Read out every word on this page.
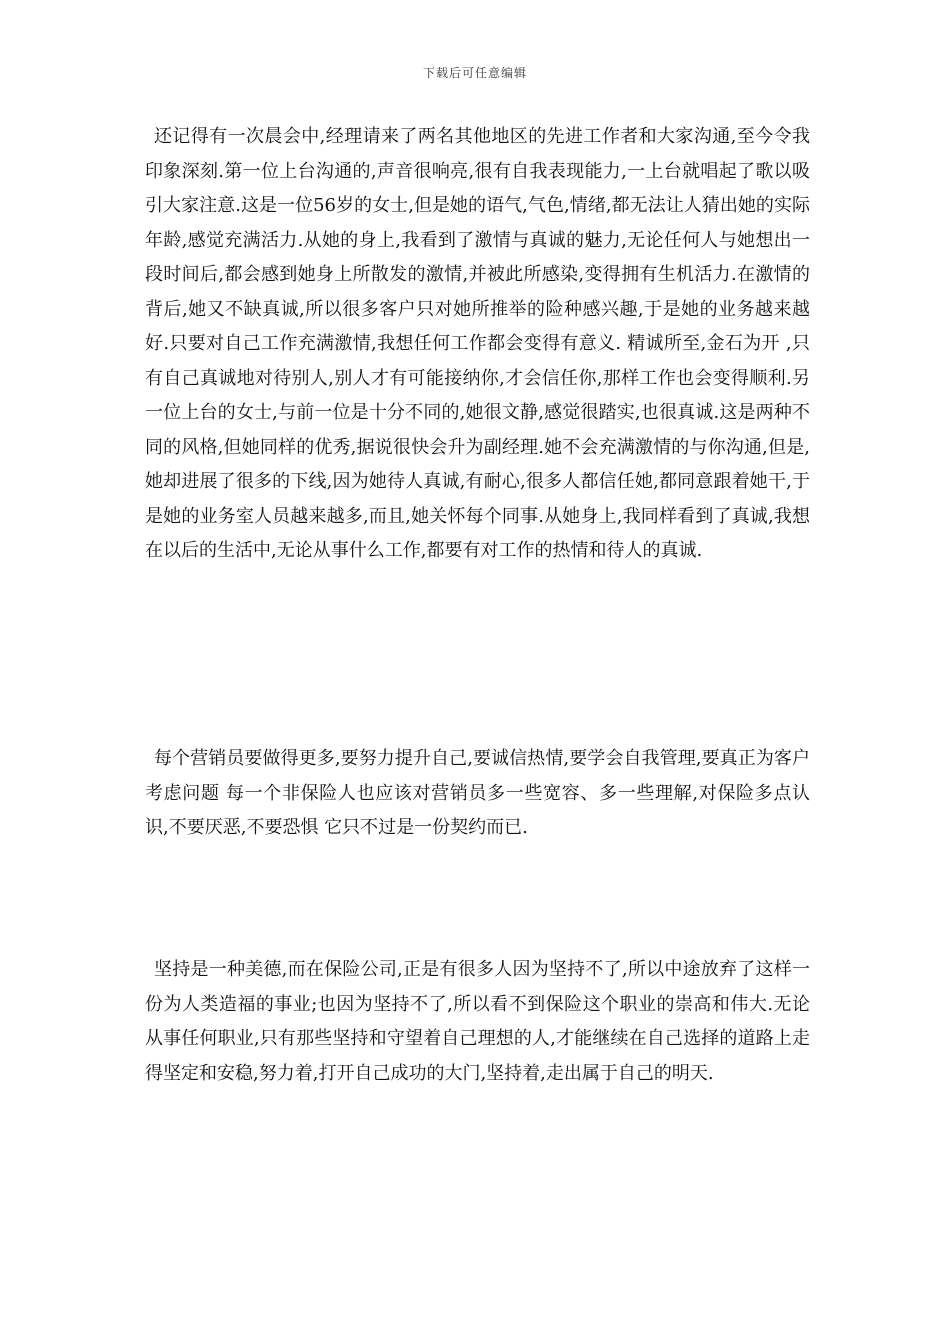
下载后可任意编辑

还记得有一次晨会中,经理请来了两名其他地区的先进工作者和大家沟通,至今令我印象深刻.第一位上台沟通的,声音很响亮,很有自我表现能力,一上台就唱起了歌以吸引大家注意.这是一位56岁的女士,但是她的语气,气色,情绪,都无法让人猜出她的实际年龄,感觉充满活力.从她的身上,我看到了激情与真诚的魅力,无论任何人与她想出一段时间后,都会感到她身上所散发的激情,并被此所感染,变得拥有生机活力.在激情的背后,她又不缺真诚,所以很多客户只对她所推举的险种感兴趣,于是她的业务越来越好.只要对自己工作充满激情,我想任何工作都会变得有意义. 精诚所至,金石为开 ,只有自己真诚地对待别人,别人才有可能接纳你,才会信任你,那样工作也会变得顺利.另一位上台的女士,与前一位是十分不同的,她很文静,感觉很踏实,也很真诚.这是两种不同的风格,但她同样的优秀,据说很快会升为副经理.她不会充满激情的与你沟通,但是,她却进展了很多的下线,因为她待人真诚,有耐心,很多人都信任她,都同意跟着她干,于是她的业务室人员越来越多,而且,她关怀每个同事.从她身上,我同样看到了真诚,我想在以后的生活中,无论从事什么工作,都要有对工作的热情和待人的真诚.

每个营销员要做得更多,要努力提升自己,要诚信热情,要学会自我管理,要真正为客户考虑问题 每一个非保险人也应该对营销员多一些宽容、多一些理解,对保险多点认识,不要厌恶,不要恐惧 它只不过是一份契约而已.

坚持是一种美德,而在保险公司,正是有很多人因为坚持不了,所以中途放弃了这样一份为人类造福的事业;也因为坚持不了,所以看不到保险这个职业的崇高和伟大.无论从事任何职业,只有那些坚持和守望着自己理想的人,才能继续在自己选择的道路上走得坚定和安稳,努力着,打开自己成功的大门,坚持着,走出属于自己的明天.
